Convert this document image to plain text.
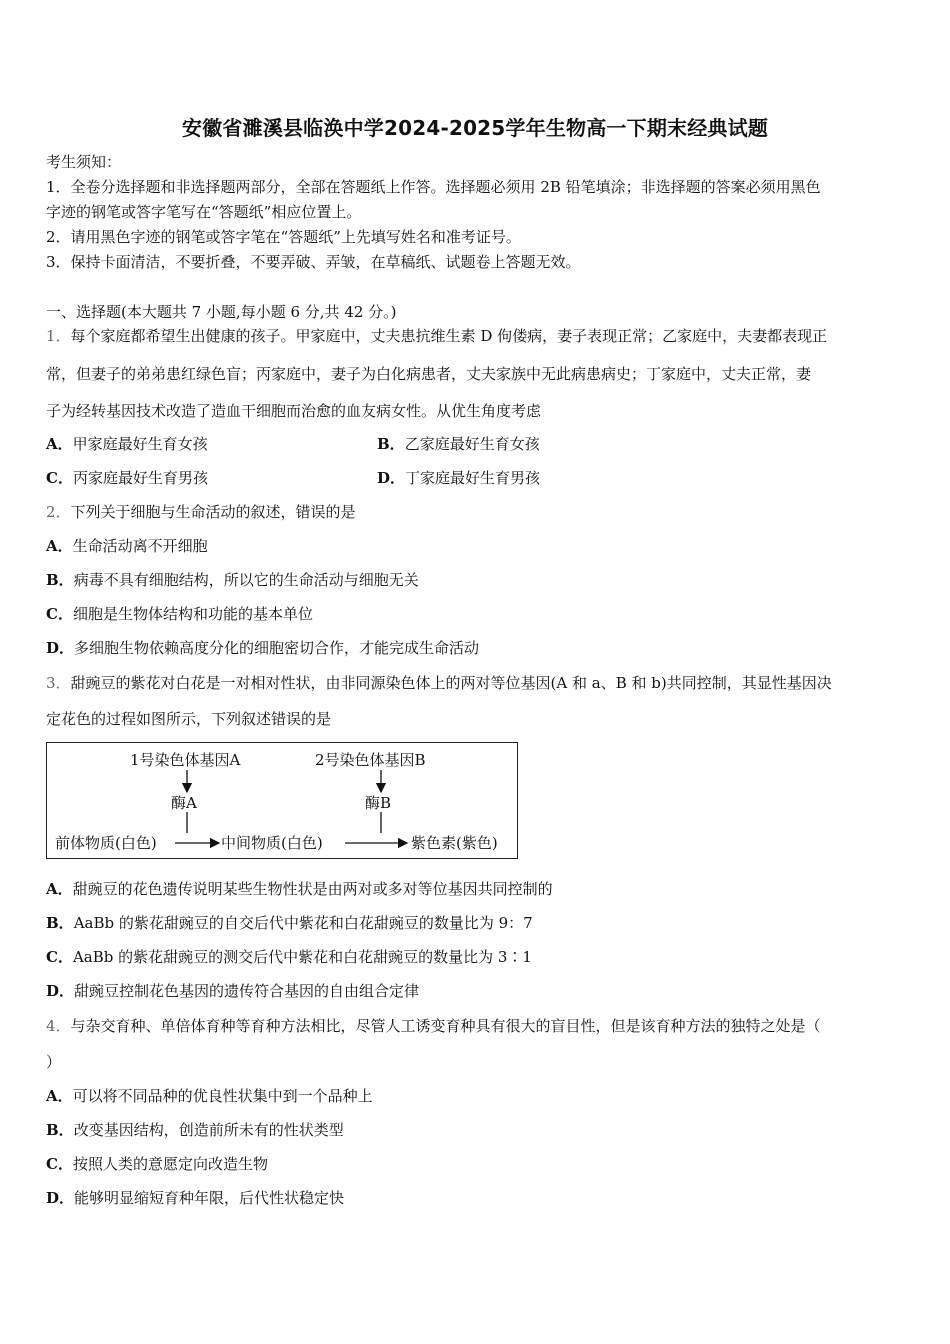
安徽省濉溪县临涣中学2024-2025学年生物高一下期末经典试题
考生须知：
1．全卷分选择题和非选择题两部分，全部在答题纸上作答。选择题必须用 2B 铅笔填涂；非选择题的答案必须用黑色
字迹的钢笔或答字笔写在“答题纸”相应位置上。
2．请用黑色字迹的钢笔或答字笔在“答题纸”上先填写姓名和准考证号。
3．保持卡面清洁，不要折叠，不要弄破、弄皱，在草稿纸、试题卷上答题无效。
一、选择题(本大题共 7 小题,每小题 6 分,共 42 分。)
1．每个家庭都希望生出健康的孩子。甲家庭中，丈夫患抗维生素 D 佝偻病，妻子表现正常；乙家庭中，夫妻都表现正
常，但妻子的弟弟患红绿色盲；丙家庭中，妻子为白化病患者，丈夫家族中无此病患病史；丁家庭中，丈夫正常，妻
子为经转基因技术改造了造血干细胞而治愈的血友病女性。从优生角度考虑
A．甲家庭最好生育女孩	B．乙家庭最好生育女孩
C．丙家庭最好生育男孩	D．丁家庭最好生育男孩
2．下列关于细胞与生命活动的叙述，错误的是
A．生命活动离不开细胞
B．病毒不具有细胞结构，所以它的生命活动与细胞无关
C．细胞是生物体结构和功能的基本单位
D．多细胞生物依赖高度分化的细胞密切合作，才能完成生命活动
3．甜豌豆的紫花对白花是一对相对性状，由非同源染色体上的两对等位基因(A 和 a、B 和 b)共同控制，其显性基因决
定花色的过程如图所示，下列叙述错误的是
1号染色体基因A	2号染色体基因B
酶A	酶B
前体物质(白色)	中间物质(白色)	紫色素(紫色)
A．甜豌豆的花色遗传说明某些生物性状是由两对或多对等位基因共同控制的
B．AaBb 的紫花甜豌豆的自交后代中紫花和白花甜豌豆的数量比为 9：7
C．AaBb 的紫花甜豌豆的测交后代中紫花和白花甜豌豆的数量比为 3∶1
D．甜豌豆控制花色基因的遗传符合基因的自由组合定律
4．与杂交育种、单倍体育种等育种方法相比，尽管人工诱变育种具有很大的盲目性，但是该育种方法的独特之处是（
）
A．可以将不同品种的优良性状集中到一个品种上
B．改变基因结构，创造前所未有的性状类型
C．按照人类的意愿定向改造生物
D．能够明显缩短育种年限，后代性状稳定快
